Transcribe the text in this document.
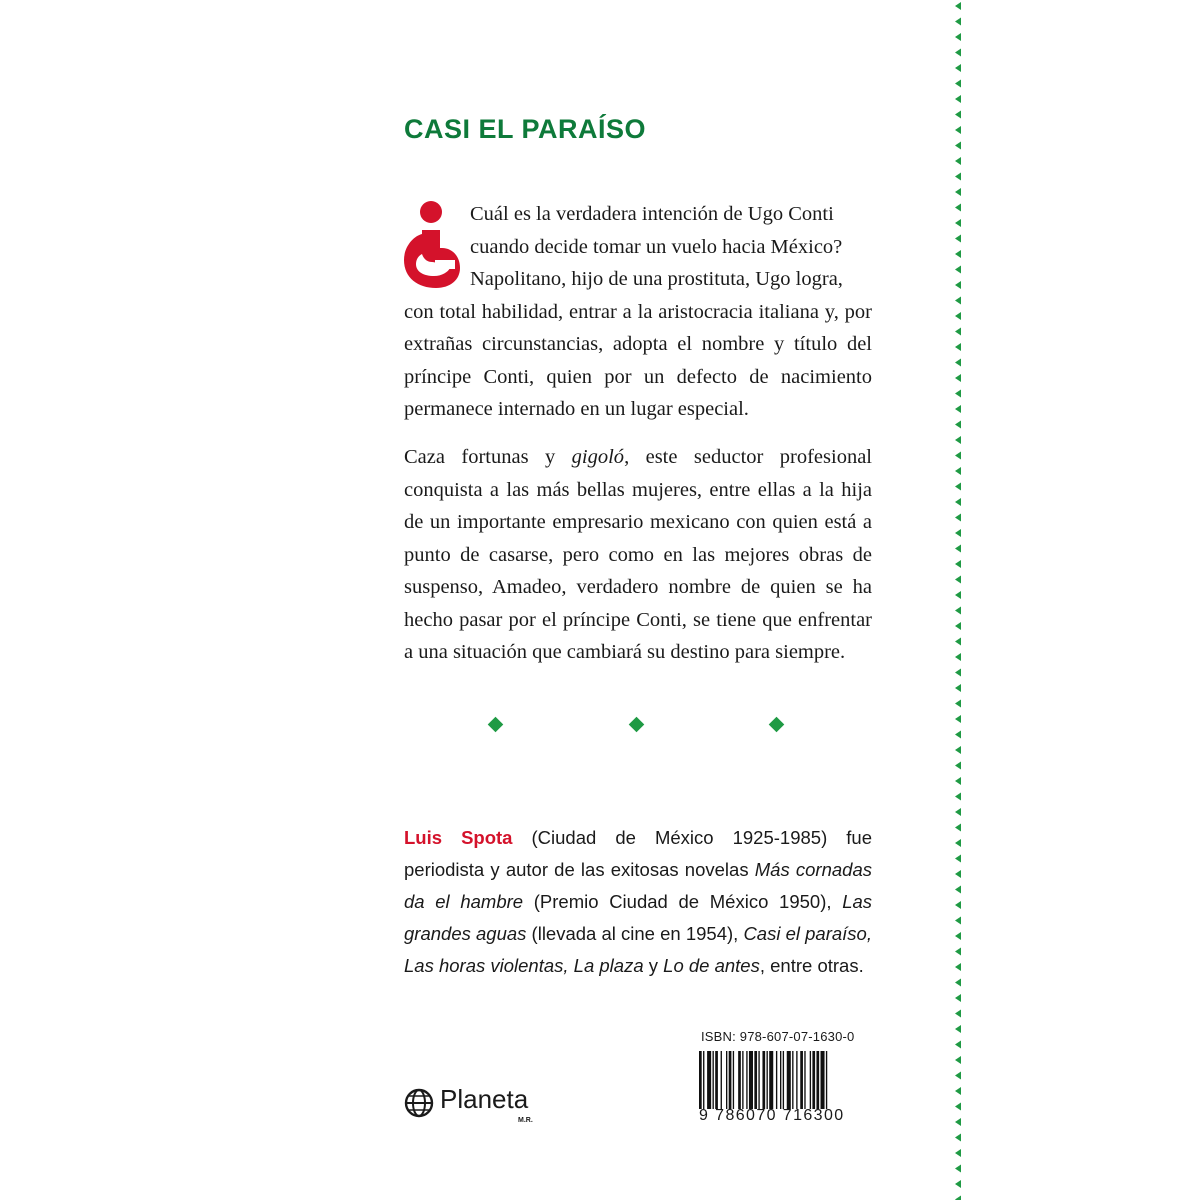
CASI EL PARAÍSO
Cuál es la verdadera intención de Ugo Conti
cuando decide tomar un vuelo hacia México?
Napolitano, hijo de una prostituta, Ugo logra,
con total habilidad, entrar a la aristocracia italiana y, por extrañas circunstancias, adopta el nombre y título del príncipe Conti, quien por un defecto de nacimiento permanece internado en un lugar especial.
Caza fortunas y gigoló, este seductor profesional conquista a las más bellas mujeres, entre ellas a la hija de un importante empresario mexicano con quien está a punto de casarse, pero como en las mejores obras de suspenso, Amadeo, verdadero nombre de quien se ha hecho pasar por el príncipe Conti, se tiene que enfrentar a una situación que cambiará su destino para siempre.
Luis Spota (Ciudad de México 1925-1985) fue periodista y autor de las exitosas novelas Más cornadas da el hambre (Premio Ciudad de México 1950), Las grandes aguas (llevada al cine en 1954), Casi el paraíso, Las horas violentas, La plaza y Lo de antes, entre otras.
ISBN: 978-607-07-1630-0
9 786070 716300
Planeta
M.R.
